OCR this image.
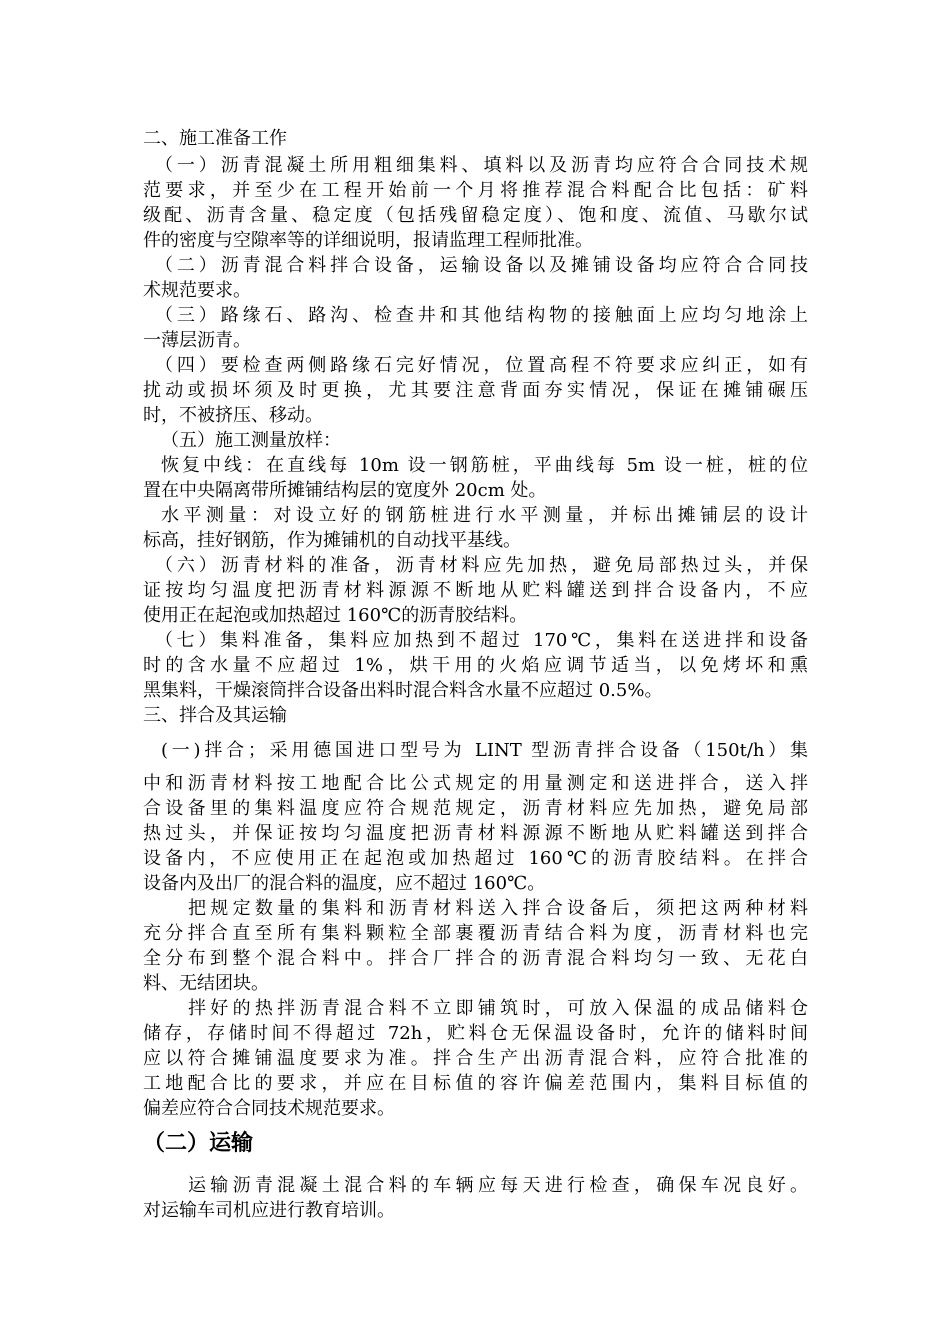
二、施工准备工作
（一）沥青混凝土所用粗细集料、填料以及沥青均应符合合同技术规
范要求，并至少在工程开始前一个月将推荐混合料配合比包括：矿料
级配、沥青含量、稳定度（包括残留稳定度）、饱和度、流值、马歇尔试
件的密度与空隙率等的详细说明，报请监理工程师批准。
（二）沥青混合料拌合设备，运输设备以及摊铺设备均应符合合同技
术规范要求。
（三）路缘石、路沟、检查井和其他结构物的接触面上应均匀地涂上
一薄层沥青。
（四）要检查两侧路缘石完好情况，位置高程不符要求应纠正，如有
扰动或损坏须及时更换，尤其要注意背面夯实情况，保证在摊铺碾压
时，不被挤压、移动。
（五）施工测量放样：
恢复中线：在直线每 10m 设一钢筋桩，平曲线每 5m 设一桩，桩的位
置在中央隔离带所摊铺结构层的宽度外 20cm 处。
水平测量：对设立好的钢筋桩进行水平测量，并标出摊铺层的设计
标高，挂好钢筋，作为摊铺机的自动找平基线。
（六）沥青材料的准备，沥青材料应先加热，避免局部热过头，并保
证按均匀温度把沥青材料源源不断地从贮料罐送到拌合设备内，不应
使用正在起泡或加热超过 160℃的沥青胶结料。
（七）集料准备，集料应加热到不超过 170℃，集料在送进拌和设备
时的含水量不应超过 1%，烘干用的火焰应调节适当，以免烤坏和熏
黑集料，干燥滚筒拌合设备出料时混合料含水量不应超过 0.5%。
三、拌合及其运输
(一)拌合；采用德国进口型号为 LINT 型沥青拌合设备（150t/h）集
中和沥青材料按工地配合比公式规定的用量测定和送进拌合，送入拌
合设备里的集料温度应符合规范规定，沥青材料应先加热，避免局部
热过头，并保证按均匀温度把沥青材料源源不断地从贮料罐送到拌合
设备内，不应使用正在起泡或加热超过 160℃的沥青胶结料。在拌合
设备内及出厂的混合料的温度，应不超过 160℃。
把规定数量的集料和沥青材料送入拌合设备后，须把这两种材料
充分拌合直至所有集料颗粒全部裹覆沥青结合料为度，沥青材料也完
全分布到整个混合料中。拌合厂拌合的沥青混合料均匀一致、无花白
料、无结团块。
拌好的热拌沥青混合料不立即铺筑时，可放入保温的成品储料仓
储存，存储时间不得超过 72h，贮料仓无保温设备时，允许的储料时间
应以符合摊铺温度要求为准。拌合生产出沥青混合料，应符合批准的
工地配合比的要求，并应在目标值的容许偏差范围内，集料目标值的
偏差应符合合同技术规范要求。
（二）运输
运输沥青混凝土混合料的车辆应每天进行检查，确保车况良好。
对运输车司机应进行教育培训。
